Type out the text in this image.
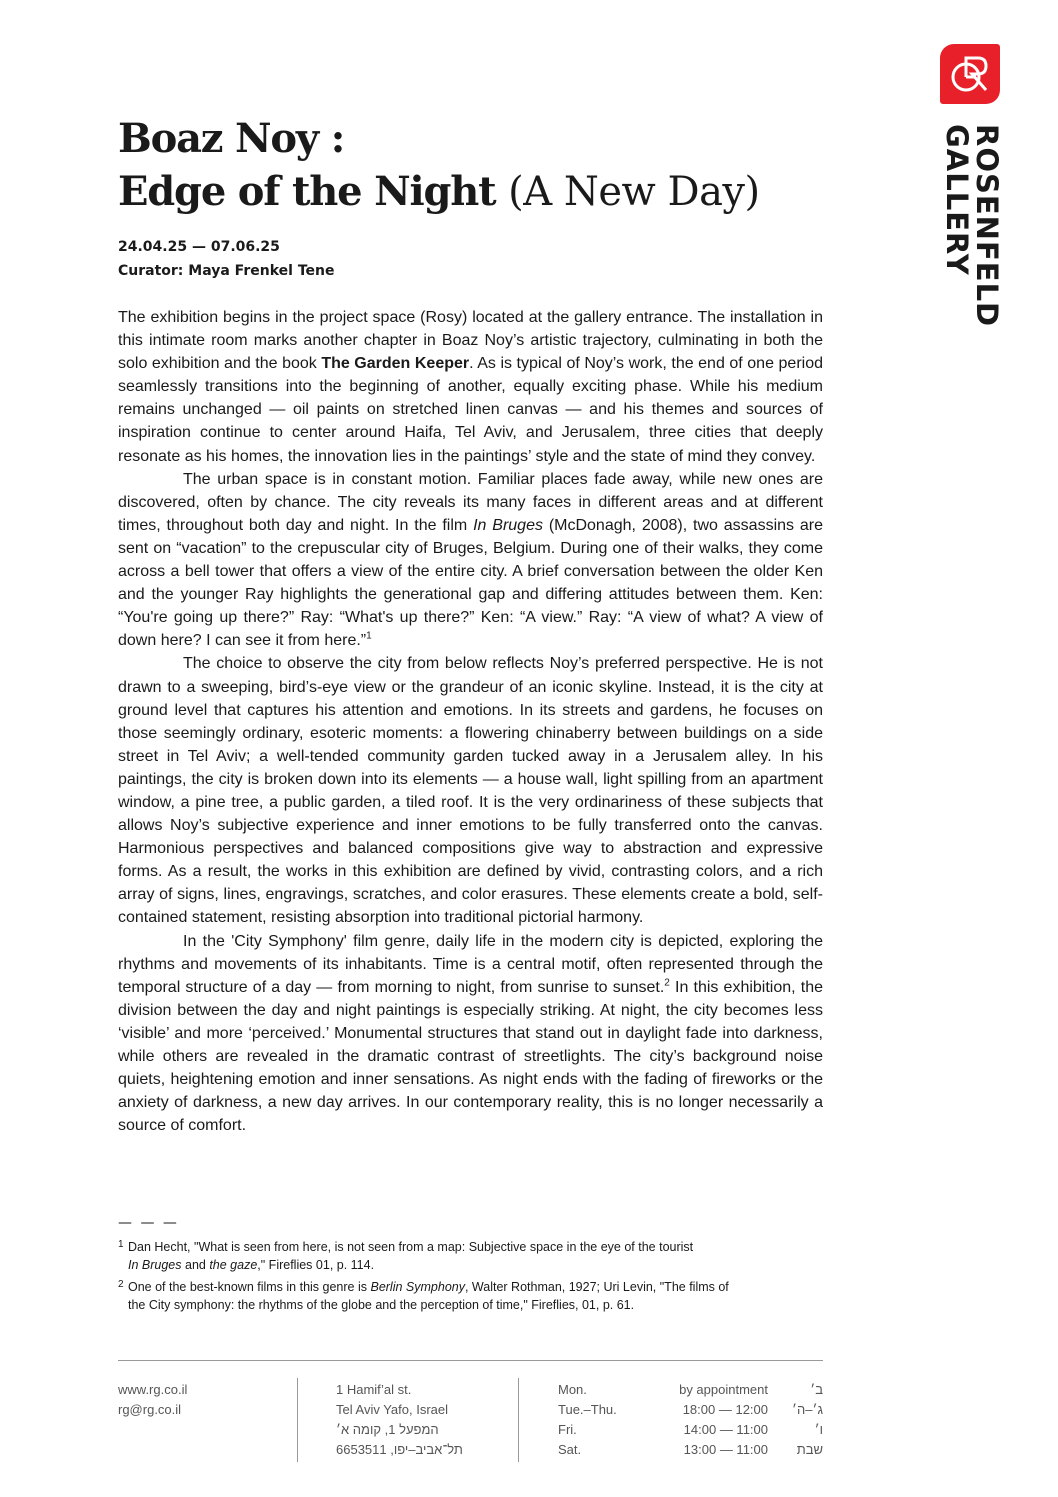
ROSENFELD
GALLERY
Boaz Noy :
Edge of the Night (A New Day)
24.04.25 — 07.06.25
Curator: Maya Frenkel Tene

The exhibition begins in the project space (Rosy) located at the gallery entrance. The installation in this intimate room marks another chapter in Boaz Noy’s artistic trajectory, culminating in both the solo exhibition and the book The Garden Keeper. As is typical of Noy’s work, the end of one period seamlessly transitions into the beginning of another, equally exciting phase. While his medium remains unchanged — oil paints on stretched linen canvas — and his themes and sources of inspiration continue to center around Haifa, Tel Aviv, and Jerusalem, three cities that deeply resonate as his homes, the innovation lies in the paintings’ style and the state of mind they convey.

The urban space is in constant motion. Familiar places fade away, while new ones are discovered, often by chance. The city reveals its many faces in different areas and at different times, throughout both day and night. In the film In Bruges (McDonagh, 2008), two assassins are sent on “vacation” to the crepuscular city of Bruges, Belgium. During one of their walks, they come across a bell tower that offers a view of the entire city. A brief conversation between the older Ken and the younger Ray highlights the generational gap and differing attitudes between them. Ken: “You're going up there?” Ray: “What's up there?” Ken: “A view.” Ray: “A view of what? A view of down here? I can see it from here.”$^1$

The choice to observe the city from below reflects Noy’s preferred perspective. He is not drawn to a sweeping, bird’s-eye view or the grandeur of an iconic skyline. Instead, it is the city at ground level that captures his attention and emotions. In its streets and gardens, he focuses on those seemingly ordinary, esoteric moments: a flowering chinaberry between buildings on a side street in Tel Aviv; a well-tended community garden tucked away in a Jerusalem alley. In his paintings, the city is broken down into its elements — a house wall, light spilling from an apartment window, a pine tree, a public garden, a tiled roof. It is the very ordinariness of these subjects that allows Noy’s subjective experience and inner emotions to be fully transferred onto the canvas. Harmonious perspectives and balanced compositions give way to abstraction and expressive forms. As a result, the works in this exhibition are defined by vivid, contrasting colors, and a rich array of signs, lines, engravings, scratches, and color erasures. These elements create a bold, self-contained statement, resisting absorption into traditional pictorial harmony.

In the 'City Symphony' film genre, daily life in the modern city is depicted, exploring the rhythms and movements of its inhabitants. Time is a central motif, often represented through the temporal structure of a day — from morning to night, from sunrise to sunset.$^2$ In this exhibition, the division between the day and night paintings is especially striking. At night, the city becomes less ‘visible’ and more ‘perceived.’ Monumental structures that stand out in daylight fade into darkness, while others are revealed in the dramatic contrast of streetlights. The city’s background noise quiets, heightening emotion and inner sensations. As night ends with the fading of fireworks or the anxiety of darkness, a new day arrives. In our contemporary reality, this is no longer necessarily a source of comfort.

— — —
1 Dan Hecht, "What is seen from here, is not seen from a map: Subjective space in the eye of the tourist
In Bruges and the gaze," Fireflies 01, p. 114.
2 One of the best-known films in this genre is Berlin Symphony, Walter Rothman, 1927; Uri Levin, "The films of
the City symphony: the rhythms of the globe and the perception of time," Fireflies, 01, p. 61.
www.rg.co.il
rg@rg.co.il
1 Hamif’al st.
Tel Aviv Yafo, Israel
המפעל 1, קומה א׳
תל־אביב–יפו, 6653511
Mon.	by appointment	ב׳
Tue.–Thu.	18:00 — 12:00	ג׳–ה׳
Fri.	14:00 — 11:00	ו׳
Sat.	13:00 — 11:00	שבת
